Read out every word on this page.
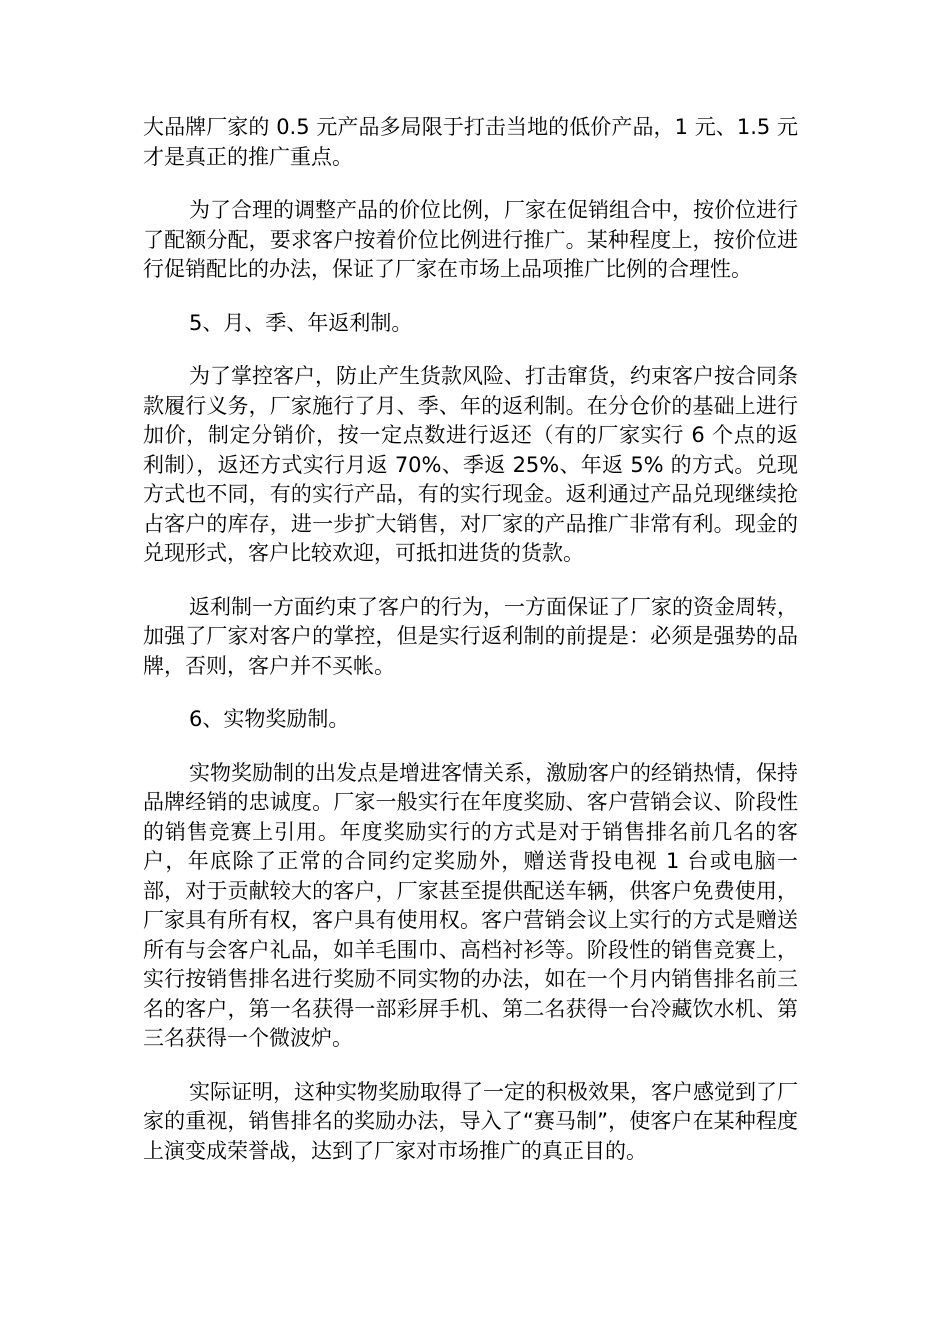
大品牌厂家的 0.5 元产品多局限于打击当地的低价产品，1 元、1.5 元才是真正的推广重点。

为了合理的调整产品的价位比例，厂家在促销组合中，按价位进行了配额分配，要求客户按着价位比例进行推广。某种程度上，按价位进行促销配比的办法，保证了厂家在市场上品项推广比例的合理性。

5、月、季、年返利制。

为了掌控客户，防止产生货款风险、打击窜货，约束客户按合同条款履行义务，厂家施行了月、季、年的返利制。在分仓价的基础上进行加价，制定分销价，按一定点数进行返还（有的厂家实行 6 个点的返利制），返还方式实行月返 70%、季返 25%、年返 5% 的方式。兑现方式也不同，有的实行产品，有的实行现金。返利通过产品兑现继续抢占客户的库存，进一步扩大销售，对厂家的产品推广非常有利。现金的兑现形式，客户比较欢迎，可抵扣进货的货款。

返利制一方面约束了客户的行为，一方面保证了厂家的资金周转，加强了厂家对客户的掌控，但是实行返利制的前提是：必须是强势的品牌，否则，客户并不买帐。

6、实物奖励制。

实物奖励制的出发点是增进客情关系，激励客户的经销热情，保持品牌经销的忠诚度。厂家一般实行在年度奖励、客户营销会议、阶段性的销售竞赛上引用。年度奖励实行的方式是对于销售排名前几名的客户，年底除了正常的合同约定奖励外，赠送背投电视 1 台或电脑一部，对于贡献较大的客户，厂家甚至提供配送车辆，供客户免费使用，厂家具有所有权，客户具有使用权。客户营销会议上实行的方式是赠送所有与会客户礼品，如羊毛围巾、高档衬衫等。阶段性的销售竞赛上，实行按销售排名进行奖励不同实物的办法，如在一个月内销售排名前三名的客户，第一名获得一部彩屏手机、第二名获得一台冷藏饮水机、第三名获得一个微波炉。

实际证明，这种实物奖励取得了一定的积极效果，客户感觉到了厂家的重视，销售排名的奖励办法，导入了“赛马制”，使客户在某种程度上演变成荣誉战，达到了厂家对市场推广的真正目的。
